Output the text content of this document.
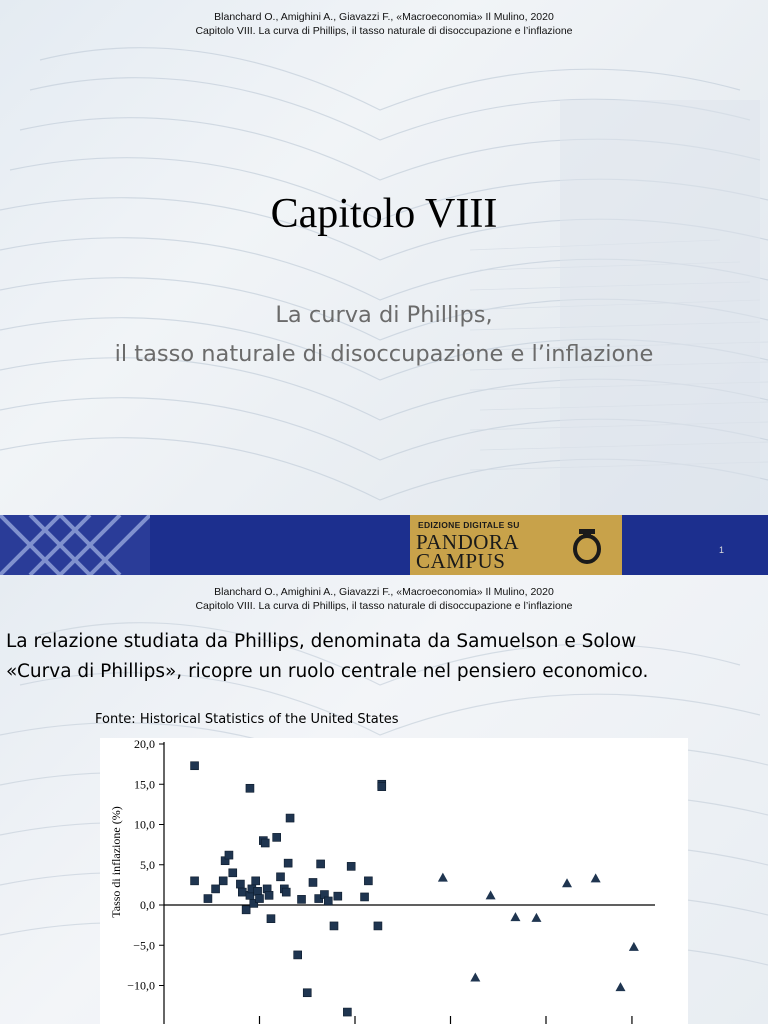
Blanchard O., Amighini A., Giavazzi F., «Macroeconomia» Il Mulino, 2020
Capitolo VIII. La curva di Phillips, il tasso naturale di disoccupazione e l’inflazione
Capitolo VIII
La curva di Phillips,
il tasso naturale di disoccupazione e l’inflazione
EDIZIONE DIGITALE SU
PANDORA
CAMPUS	1
Blanchard O., Amighini A., Giavazzi F., «Macroeconomia» Il Mulino, 2020
Capitolo VIII. La curva di Phillips, il tasso naturale di disoccupazione e l’inflazione
La relazione studiata da Phillips, denominata da Samuelson e Solow
«Curva di Phillips», ricopre un ruolo centrale nel pensiero economico.
Fonte: Historical Statistics of the United States
20,0
15,0
10,0
5,0
0,0
−5,0
−10,0
Tasso di inflazione (%)
